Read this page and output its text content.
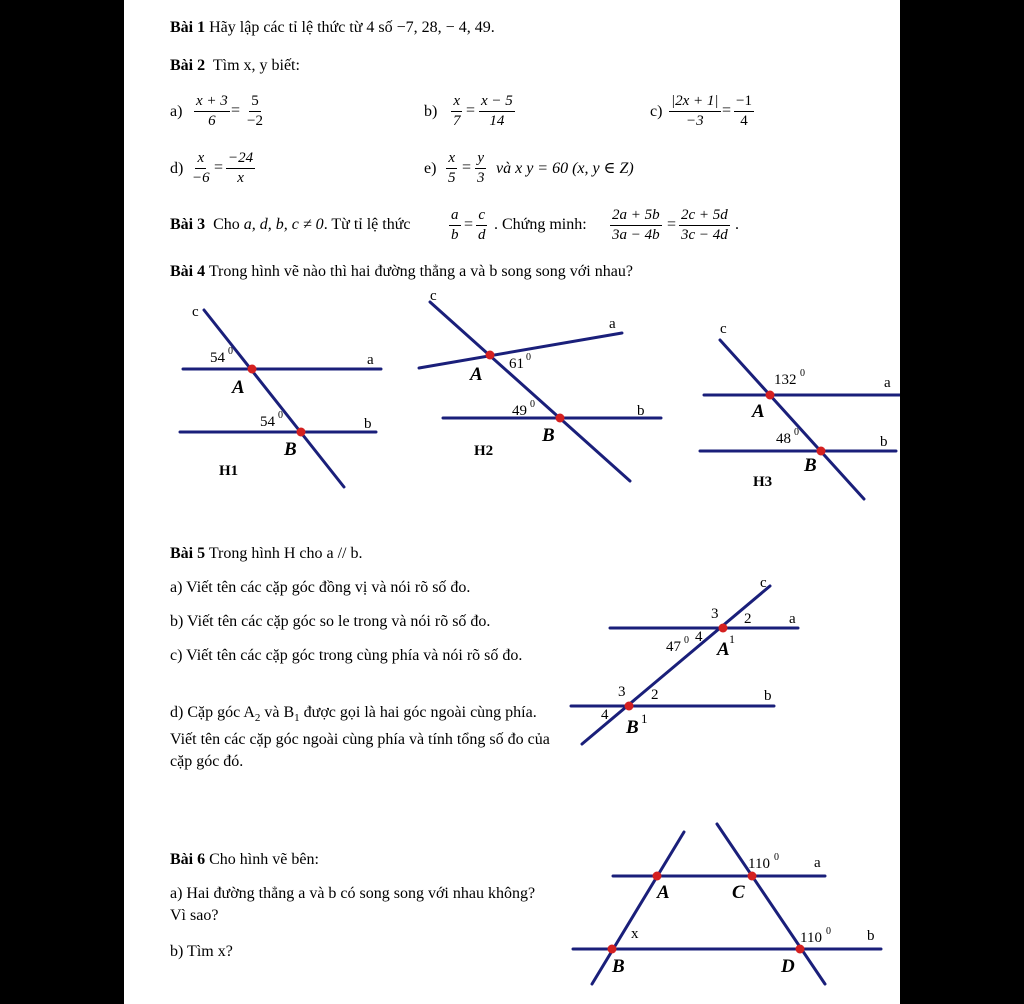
Bài 1 Hãy lập các tỉ lệ thức từ 4 số −7, 28, − 4, 49.
Bài 2 Tìm x, y biết:
$a) \frac{x + 3}{6} = \frac{5}{-2}$	$b) \frac{x}{7} = \frac{x - 5}{14}$	$c) \frac{|2x + 1|}{-3} = \frac{-1}{4}$
$d) \frac{x}{-6} = \frac{-24}{x}$	$e) \frac{x}{5} = \frac{y}{3}$ và x y = 60 (x, y ∈ Z)
Bài 3 Cho a, d, b, c ≠ 0. Từ tỉ lệ thức	$\frac{a}{b} = \frac{c}{d}$ . Chứng minh: $\frac{2a + 5b}{3a - 4b} = \frac{2c + 5d}{3c - 4d}$ .
Bài 4 Trong hình vẽ nào thì hai đường thẳng a và b song song với nhau?
Bài 5 Trong hình H cho a // b.
a) Viết tên các cặp góc đồng vị và nói rõ số đo.
b) Viết tên các cặp góc so le trong và nói rõ số đo.
c) Viết tên các cặp góc trong cùng phía và nói rõ số đo.
d) Cặp góc $A_2$ và $B_1$ được gọi là hai góc ngoài cùng phía. Viết tên các cặp góc ngoài cùng phía và tính tổng số đo của cặp góc đó.
Bài 6 Cho hình vẽ bên:
a) Hai đường thẳng a và b có song song với nhau không? Vì sao?
b) Tìm x?
c
a
b
54 0
54 0
A
B
H1
c
a
b
61 0
49 0
A
B
H2
c
a
b
132 0
48 0
A
B
H3
c
a
b
3 2
4 1
47 0 A
3 2
4	1
B
110 0 a
110 0 b
x
A	C
B	D
